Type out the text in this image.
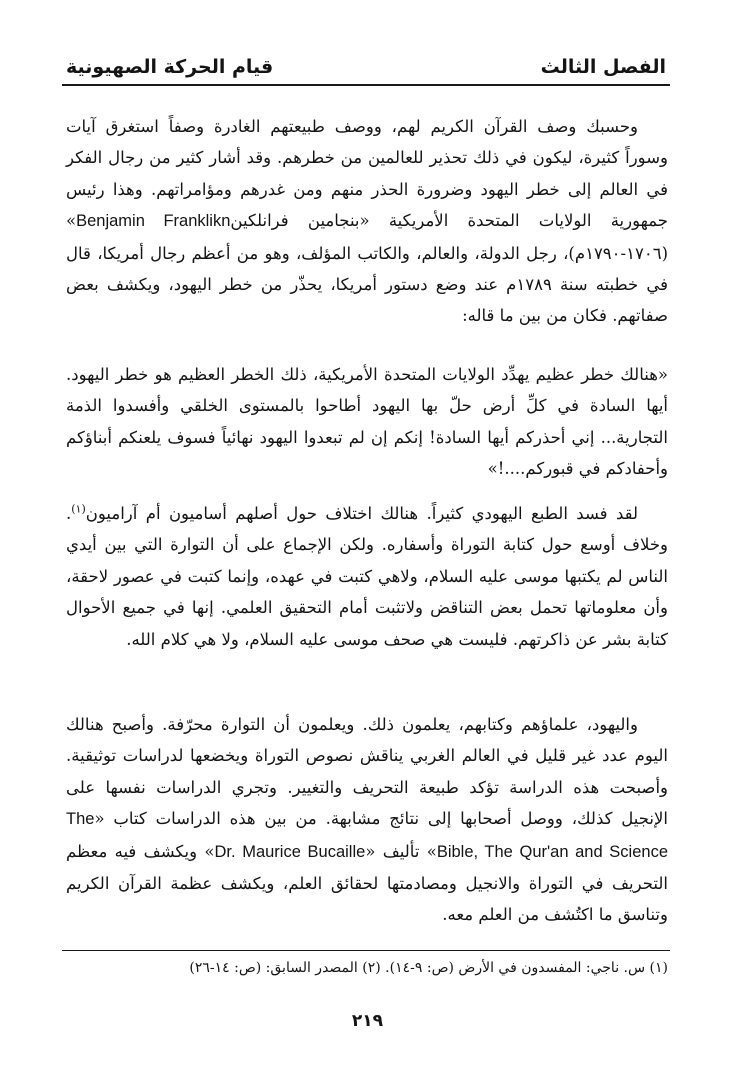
الفصل الثالث
قيام الحركة الصهيونية

وحسبك وصف القرآن الكريم لهم، ووصف طبيعتهم الغادرة وصفاً استغرق آيات وسوراً كثيرة، ليكون في ذلك تحذير للعالمين من خطرهم. وقد أشار كثير من رجال الفكر في العالم إلى خطر اليهود وضرورة الحذر منهم ومن غدرهم ومؤامراتهم. وهذا رئيس جمهورية الولايات المتحدة الأمريكية «بنجامين فرانلكينBenjamin Franklikn» (١٧٠٦-١٧٩٠م)، رجل الدولة، والعالم، والكاتب المؤلف، وهو من أعظم رجال أمريكا، قال في خطبته سنة ١٧٨٩م عند وضع دستور أمريكا، يحذّر من خطر اليهود، ويكشف بعض صفاتهم. فكان من بين ما قاله:

«هنالك خطر عظيم يهدِّد الولايات المتحدة الأمريكية، ذلك الخطر العظيم هو خطر اليهود. أيها السادة في كلِّ أرض حلّ بها اليهود أطاحوا بالمستوى الخلقي وأفسدوا الذمة التجارية... إني أحذركم أيها السادة! إنكم إن لم تبعدوا اليهود نهائياً فسوف يلعنكم أبناؤكم وأحفادكم في قبوركم....!»

لقد فسد الطبع اليهودي كثيراً. هنالك اختلاف حول أصلهم أساميون أم آراميون$^{(١)}$. وخلاف أوسع حول كتابة التوراة وأسفاره. ولكن الإجماع على أن التوارة التي بين أيدي الناس لم يكتبها موسى عليه السلام، ولاهي كتبت في عهده، وإنما كتبت في عصور لاحقة، وأن معلوماتها تحمل بعض التناقض ولاتثبت أمام التحقيق العلمي. إنها في جميع الأحوال كتابة بشر عن ذاكرتهم. فليست هي صحف موسى عليه السلام، ولا هي كلام الله.

واليهود، علماؤهم وكتابهم، يعلمون ذلك. ويعلمون أن التوارة محرّفة. وأصبح هنالك اليوم عدد غير قليل في العالم الغربي يناقش نصوص التوراة ويخضعها لدراسات توثيقية. وأصبحت هذه الدراسة تؤكد طبيعة التحريف والتغيير. وتجري الدراسات نفسها على الإنجيل كذلك، ووصل أصحابها إلى نتائج مشابهة. من بين هذه الدراسات كتاب «The Bible, The Qur'an and Science» تأليف «Dr. Maurice Bucaille» ويكشف فيه معظم التحريف في التوراة والانجيل ومصادمتها لحقائق العلم، ويكشف عظمة القرآن الكريم وتناسق ما اكتُشف من العلم معه.

(١) س. ناجي: المفسدون في الأرض (ص: ٩-١٤). (٢) المصدر السابق: (ص: ١٤-٢٦)
٢١٩
